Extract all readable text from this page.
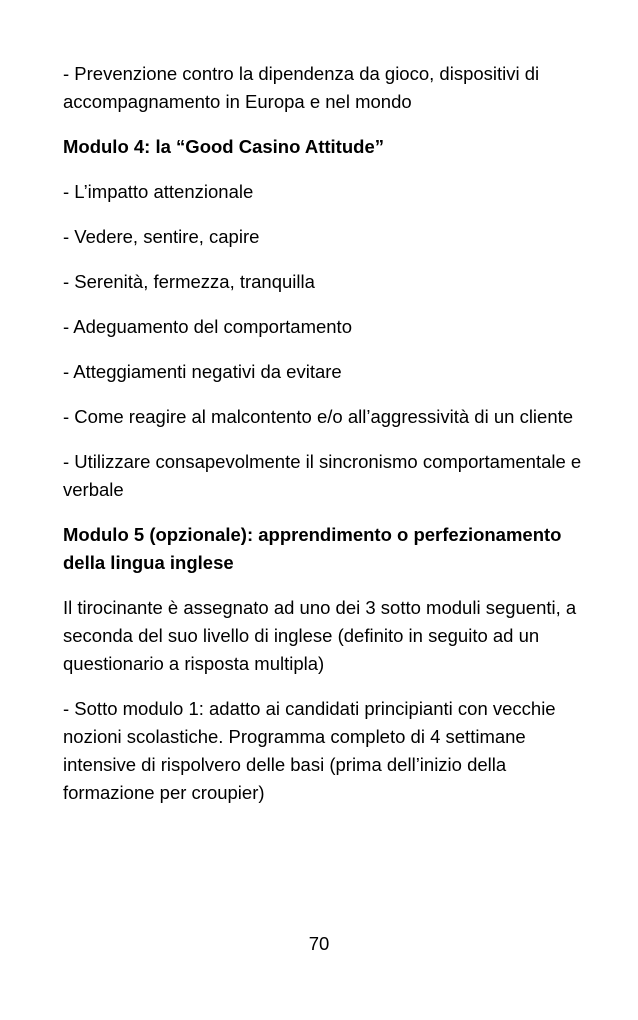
- Prevenzione contro la dipendenza da gioco, dispositivi di accompagnamento in Europa e nel mondo

Modulo 4: la “Good Casino Attitude”

- L’impatto attenzionale

- Vedere, sentire, capire

- Serenità, fermezza, tranquilla

- Adeguamento del comportamento

- Atteggiamenti negativi da evitare

- Come reagire al malcontento e/o all’aggressività di un cliente

- Utilizzare consapevolmente il sincronismo comportamentale e verbale

Modulo 5 (opzionale): apprendimento o perfezionamento della lingua inglese

Il tirocinante è assegnato ad uno dei 3 sotto moduli seguenti, a seconda del suo livello di inglese (definito in seguito ad un questionario a risposta multipla)

- Sotto modulo 1: adatto ai candidati principianti con vecchie nozioni scolastiche. Programma completo di 4 settimane intensive di rispolvero delle basi (prima dell’inizio della formazione per croupier)

70
